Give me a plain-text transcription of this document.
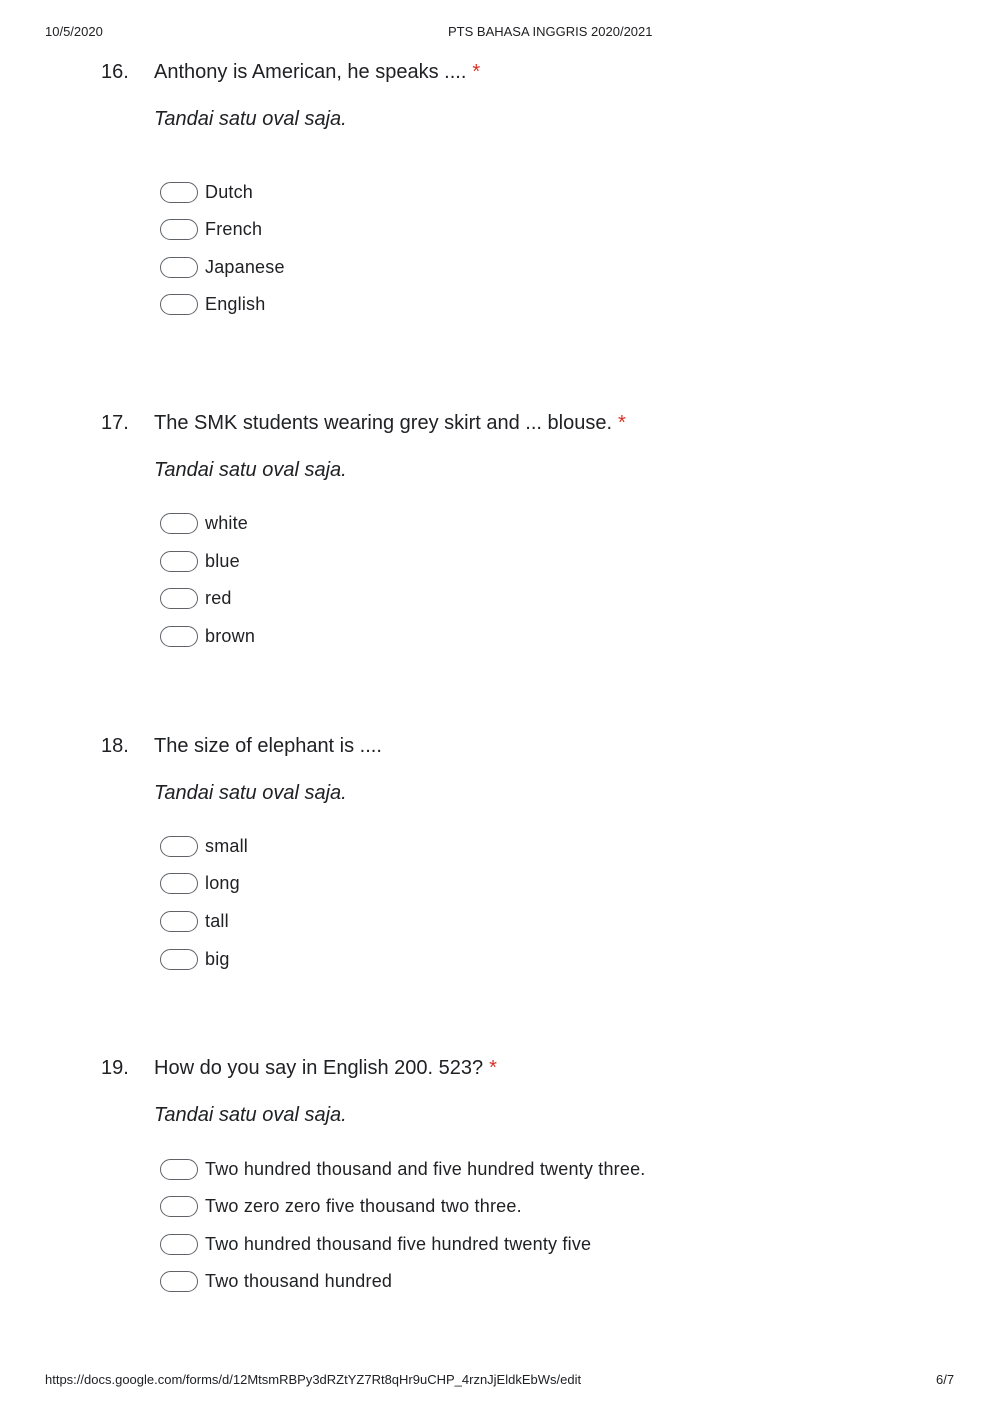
10/5/2020	PTS BAHASA INGGRIS 2020/2021
16. Anthony is American, he speaks .... *
Tandai satu oval saja.
Dutch
French
Japanese
English
17. The SMK students wearing grey skirt and ... blouse. *
Tandai satu oval saja.
white
blue
red
brown
18. The size of elephant is ....
Tandai satu oval saja.
small
long
tall
big
19. How do you say in English 200. 523? *
Tandai satu oval saja.
Two hundred thousand and five hundred twenty three.
Two zero zero five thousand two three.
Two hundred thousand five hundred twenty five
Two thousand hundred
https://docs.google.com/forms/d/12MtsmRBPy3dRZtYZ7Rt8qHr9uCHP_4rznJjEldkEbWs/edit	6/7
